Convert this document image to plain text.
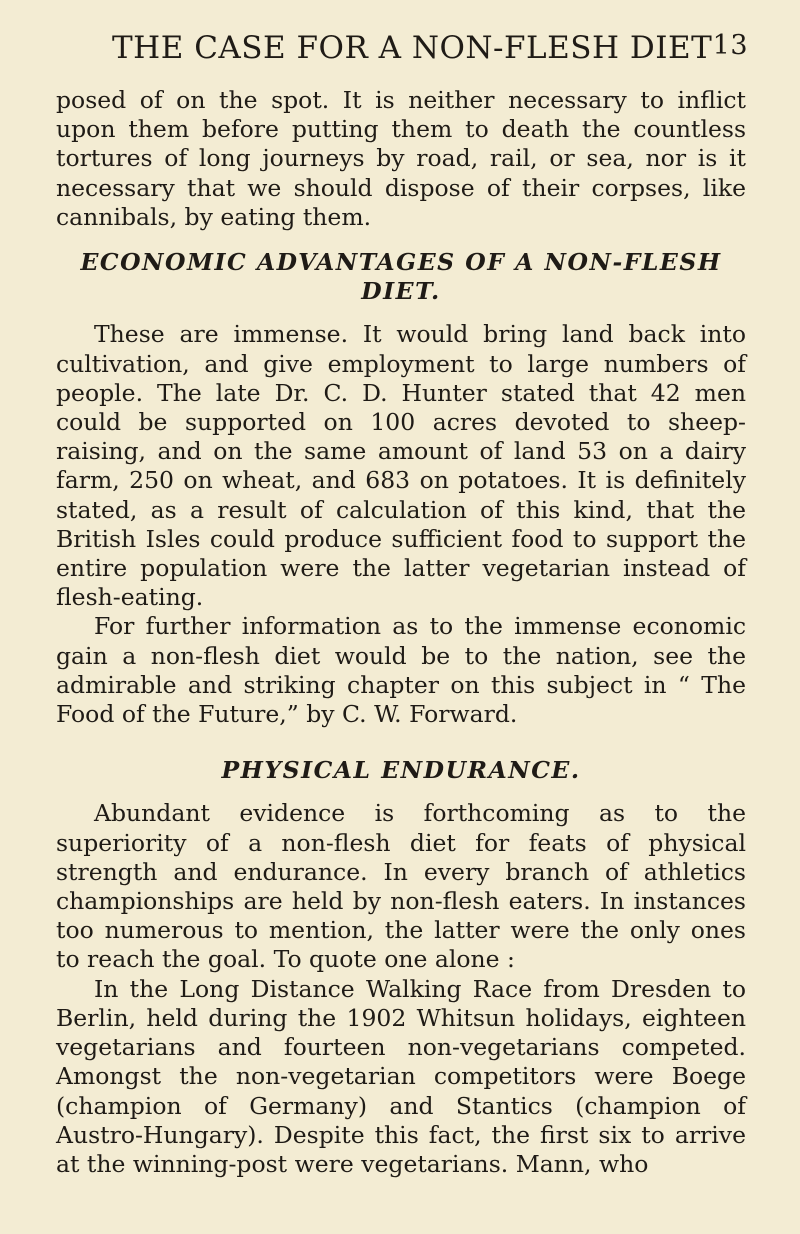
THE CASE FOR A NON-FLESH DIET 13

posed of on the spot. It is neither necessary to inflict upon them before putting them to death the countless tortures of long journeys by road, rail, or sea, nor is it necessary that we should dispose of their corpses, like cannibals, by eating them.

ECONOMIC ADVANTAGES OF A NON-FLESH DIET.

These are immense. It would bring land back into cultivation, and give employment to large numbers of people. The late Dr. C. D. Hunter stated that 42 men could be supported on 100 acres devoted to sheep-raising, and on the same amount of land 53 on a dairy farm, 250 on wheat, and 683 on potatoes. It is definitely stated, as a result of calculation of this kind, that the British Isles could produce sufficient food to support the entire population were the latter vegetarian instead of flesh-eating.

For further information as to the immense economic gain a non-flesh diet would be to the nation, see the admirable and striking chapter on this subject in “ The Food of the Future,” by C. W. Forward.

PHYSICAL ENDURANCE.

Abundant evidence is forthcoming as to the superiority of a non-flesh diet for feats of physical strength and endurance. In every branch of athletics championships are held by non-flesh eaters. In instances too numerous to mention, the latter were the only ones to reach the goal. To quote one alone :

In the Long Distance Walking Race from Dresden to Berlin, held during the 1902 Whitsun holidays, eighteen vegetarians and fourteen non-vegetarians competed. Amongst the non-vegetarian competitors were Boege (champion of Germany) and Stantics (champion of Austro-Hungary). Despite this fact, the first six to arrive at the winning-post were vegetarians. Mann, who
